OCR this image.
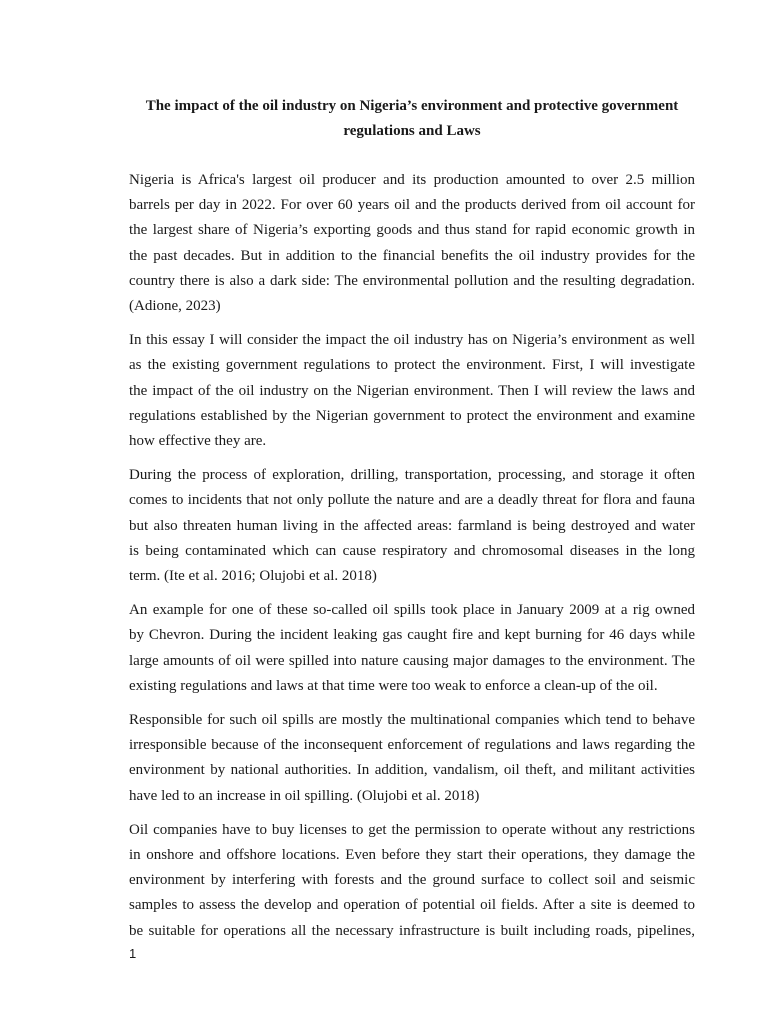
The impact of the oil industry on Nigeria’s environment and protective government
regulations and Laws

Nigeria is Africa's largest oil producer and its production amounted to over 2.5 million
barrels per day in 2022. For over 60 years oil and the products derived from oil account for
the largest share of Nigeria’s exporting goods and thus stand for rapid economic growth in
the past decades. But in addition to the financial benefits the oil industry provides for the
country there is also a dark side: The environmental pollution and the resulting degradation.
(Adione, 2023)

In this essay I will consider the impact the oil industry has on Nigeria’s environment as well
as the existing government regulations to protect the environment. First, I will investigate
the impact of the oil industry on the Nigerian environment. Then I will review the laws and
regulations established by the Nigerian government to protect the environment and examine
how effective they are.

During the process of exploration, drilling, transportation, processing, and storage it often
comes to incidents that not only pollute the nature and are a deadly threat for flora and fauna
but also threaten human living in the affected areas: farmland is being destroyed and water
is being contaminated which can cause respiratory and chromosomal diseases in the long
term. (Ite et al. 2016; Olujobi et al. 2018)

An example for one of these so-called oil spills took place in January 2009 at a rig owned
by Chevron. During the incident leaking gas caught fire and kept burning for 46 days while
large amounts of oil were spilled into nature causing major damages to the environment. The
existing regulations and laws at that time were too weak to enforce a clean-up of the oil.

Responsible for such oil spills are mostly the multinational companies which tend to behave
irresponsible because of the inconsequent enforcement of regulations and laws regarding the
environment by national authorities. In addition, vandalism, oil theft, and militant activities
have led to an increase in oil spilling. (Olujobi et al. 2018)

Oil companies have to buy licenses to get the permission to operate without any restrictions
in onshore and offshore locations. Even before they start their operations, they damage the
environment by interfering with forests and the ground surface to collect soil and seismic
samples to assess the develop and operation of potential oil fields. After a site is deemed to
be suitable for operations all the necessary infrastructure is built including roads, pipelines,

1
